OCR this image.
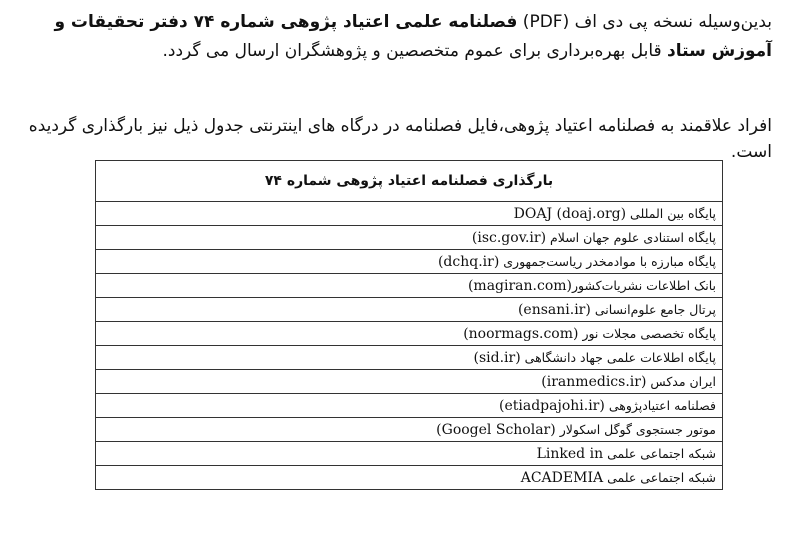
بدین‌وسیله نسخه پی دی اف (PDF) فصلنامه علمی اعتیاد پژوهی شماره ۷۴ دفتر تحقیقات و آموزش ستاد قابل بهره‌برداری برای عموم متخصصین و پژوهشگران ارسال می گردد.
افراد علاقمند به فصلنامه اعتیاد پژوهی،فایل فصلنامه در درگاه های اینترنتی جدول ذیل نیز بارگذاری گردیده است.
بارگذاری فصلنامه اعتیاد پژوهی شماره ۷۴
پایگاه بین المللی DOAJ (doaj.org)
پایگاه استنادی علوم جهان اسلام (isc.gov.ir)
پایگاه مبارزه با موادمخدر ریاست‌جمهوری (dchq.ir)
بانک اطلاعات نشریات‌کشور(magiran.com)
پرتال جامع علوم‌انسانی (ensani.ir)
پایگاه تخصصی مجلات نور (noormags.com)
پایگاه اطلاعات علمی جهاد دانشگاهی (sid.ir)
ایران مدکس (iranmedics.ir)
فصلنامه اعتیادپژوهی (etiadpajohi.ir)
موتور جستجوی گوگل اسکولار (Googel Scholar)
شبکه اجتماعی علمی Linked in
شبکه اجتماعی علمی ACADEMIA
